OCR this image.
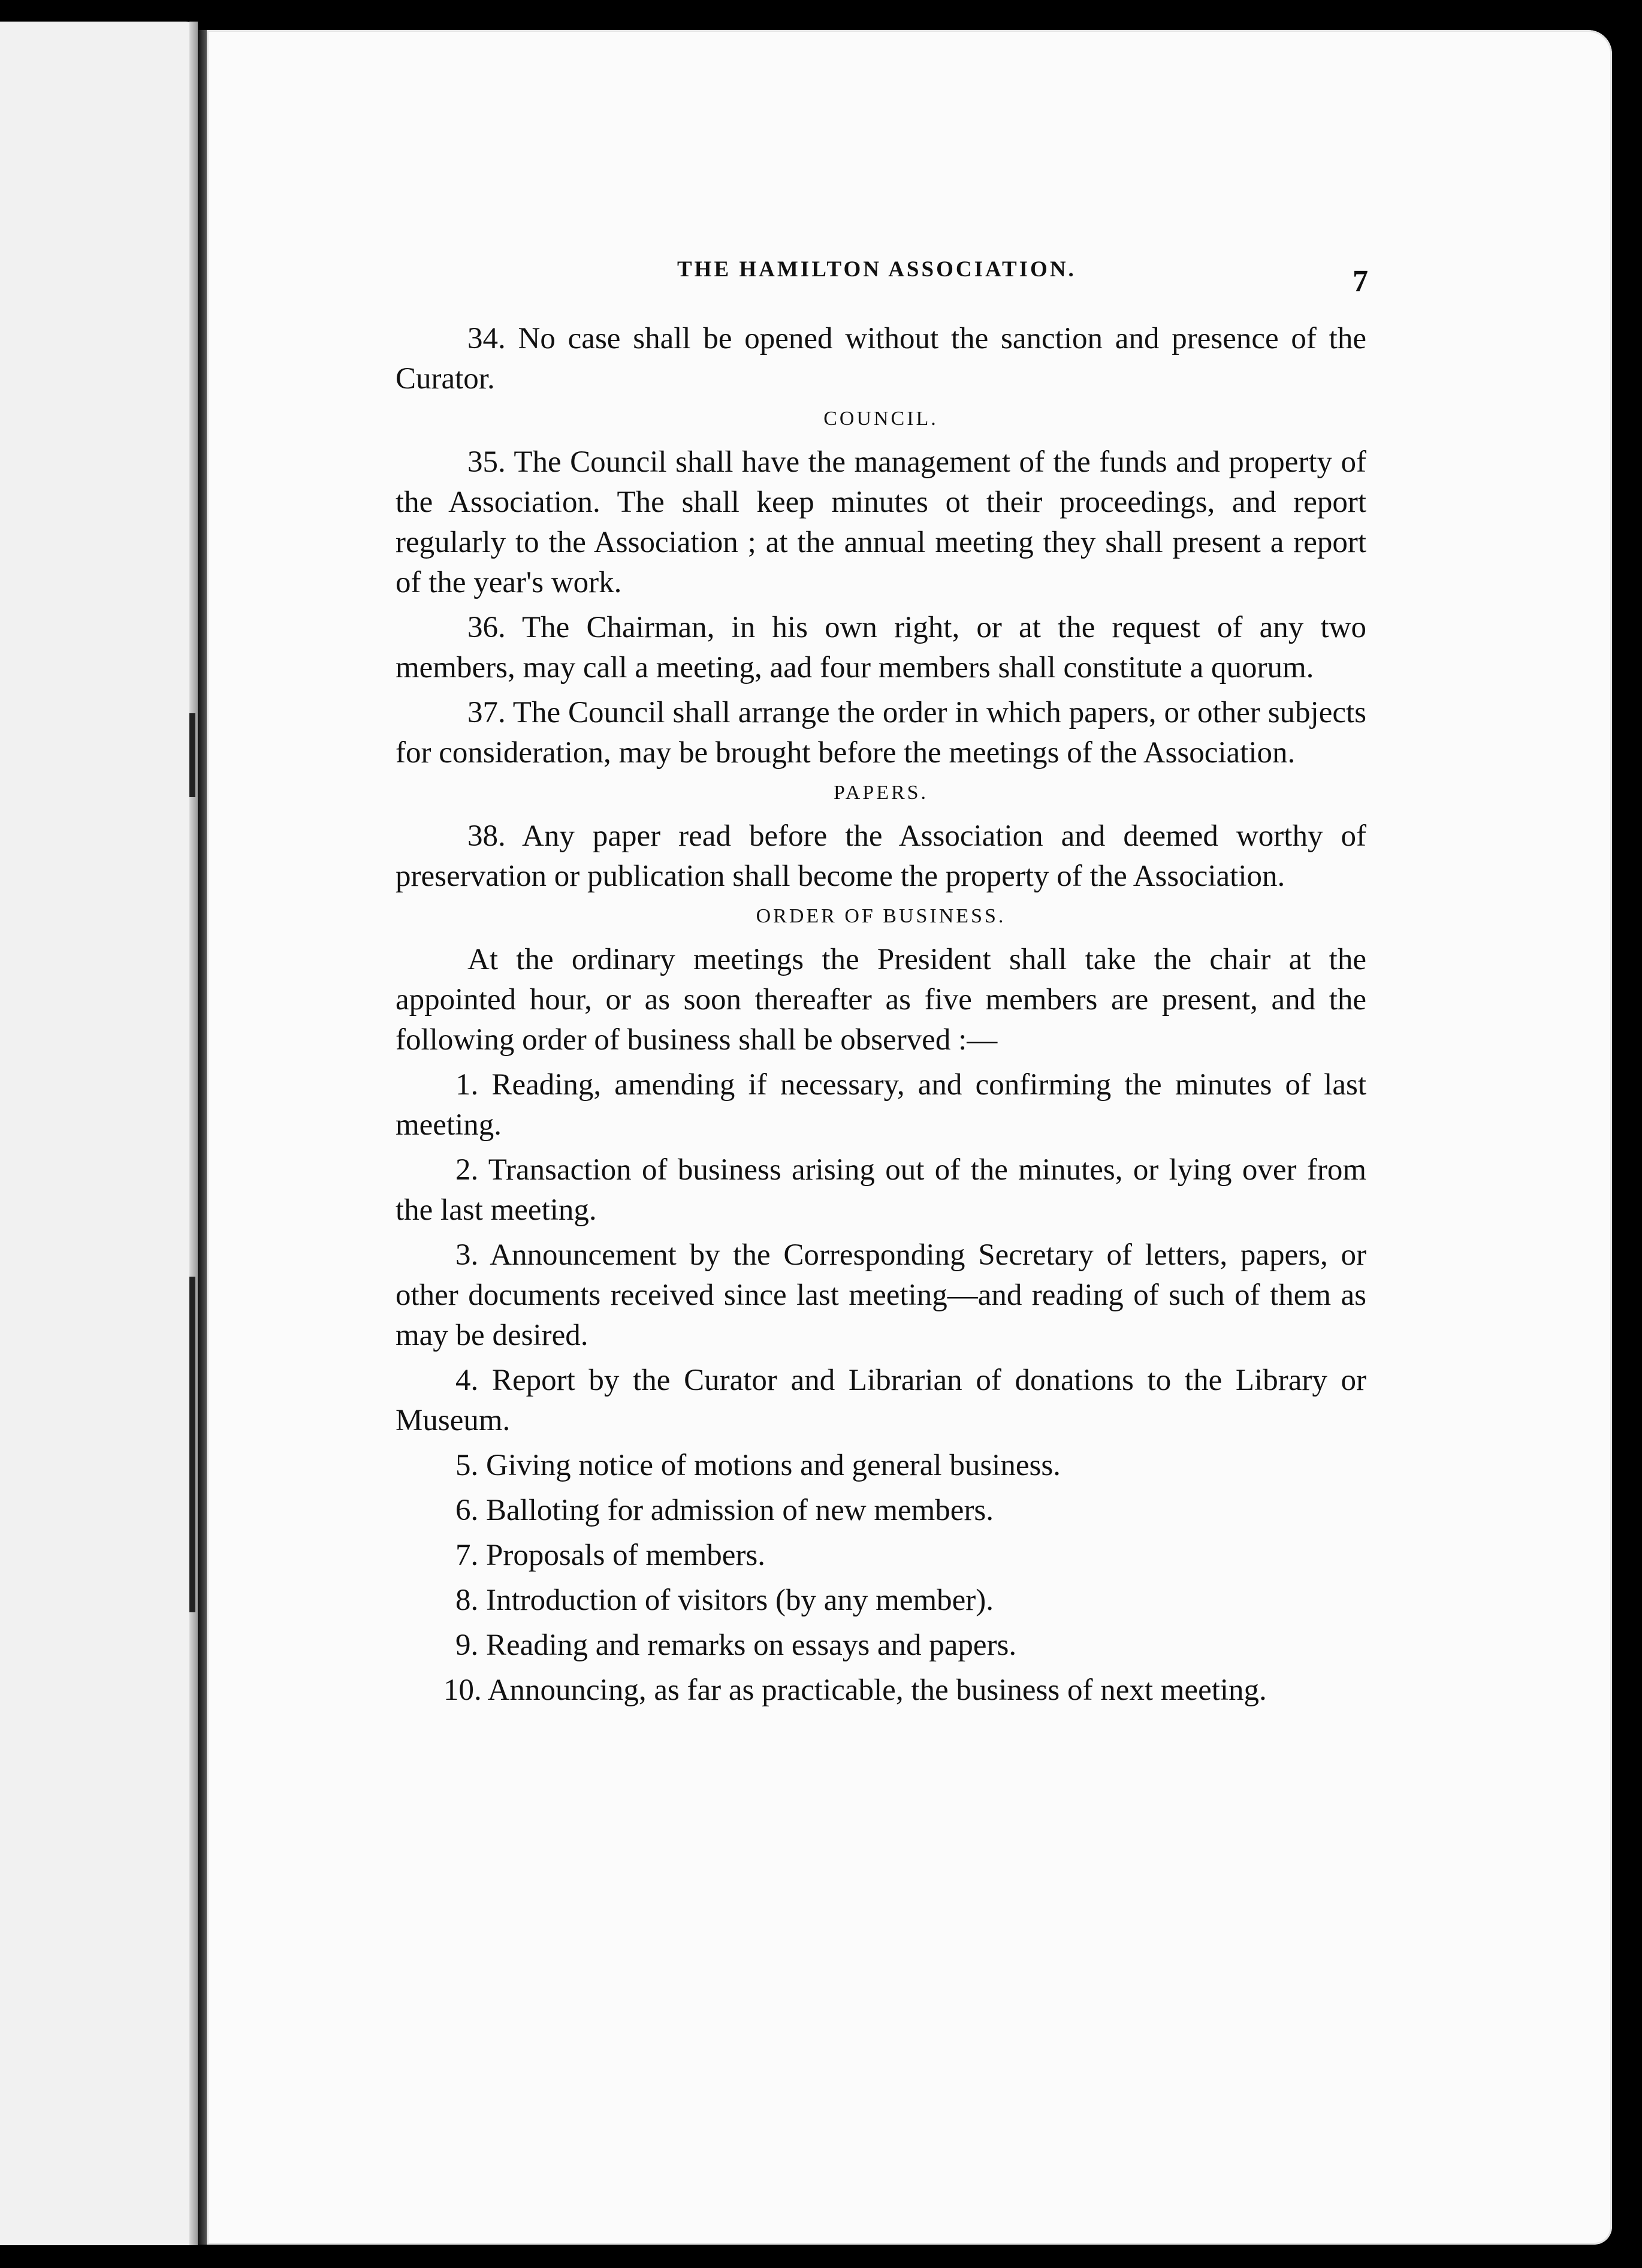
THE HAMILTON ASSOCIATION.	7

34. No case shall be opened without the sanction and presence of the Curator.

COUNCIL.

35. The Council shall have the management of the funds and property of the Association. The shall keep minutes ot their proceedings, and report regularly to the Association ; at the annual meeting they shall present a report of the year's work.

36. The Chairman, in his own right, or at the request of any two members, may call a meeting, aad four members shall constitute a quorum.

37. The Council shall arrange the order in which papers, or other subjects for consideration, may be brought before the meetings of the Association.

PAPERS.

38. Any paper read before the Association and deemed worthy of preservation or publication shall become the property of the Association.

ORDER OF BUSINESS.

At the ordinary meetings the President shall take the chair at the appointed hour, or as soon thereafter as five members are present, and the following order of business shall be observed :—

1. Reading, amending if necessary, and confirming the minutes of last meeting.

2. Transaction of business arising out of the minutes, or lying over from the last meeting.

3. Announcement by the Corresponding Secretary of letters, papers, or other documents received since last meeting—and reading of such of them as may be desired.

4. Report by the Curator and Librarian of donations to the Library or Museum.

5. Giving notice of motions and general business.

6. Balloting for admission of new members.

7. Proposals of members.

8. Introduction of visitors (by any member).

9. Reading and remarks on essays and papers.

10. Announcing, as far as practicable, the business of next meeting.
